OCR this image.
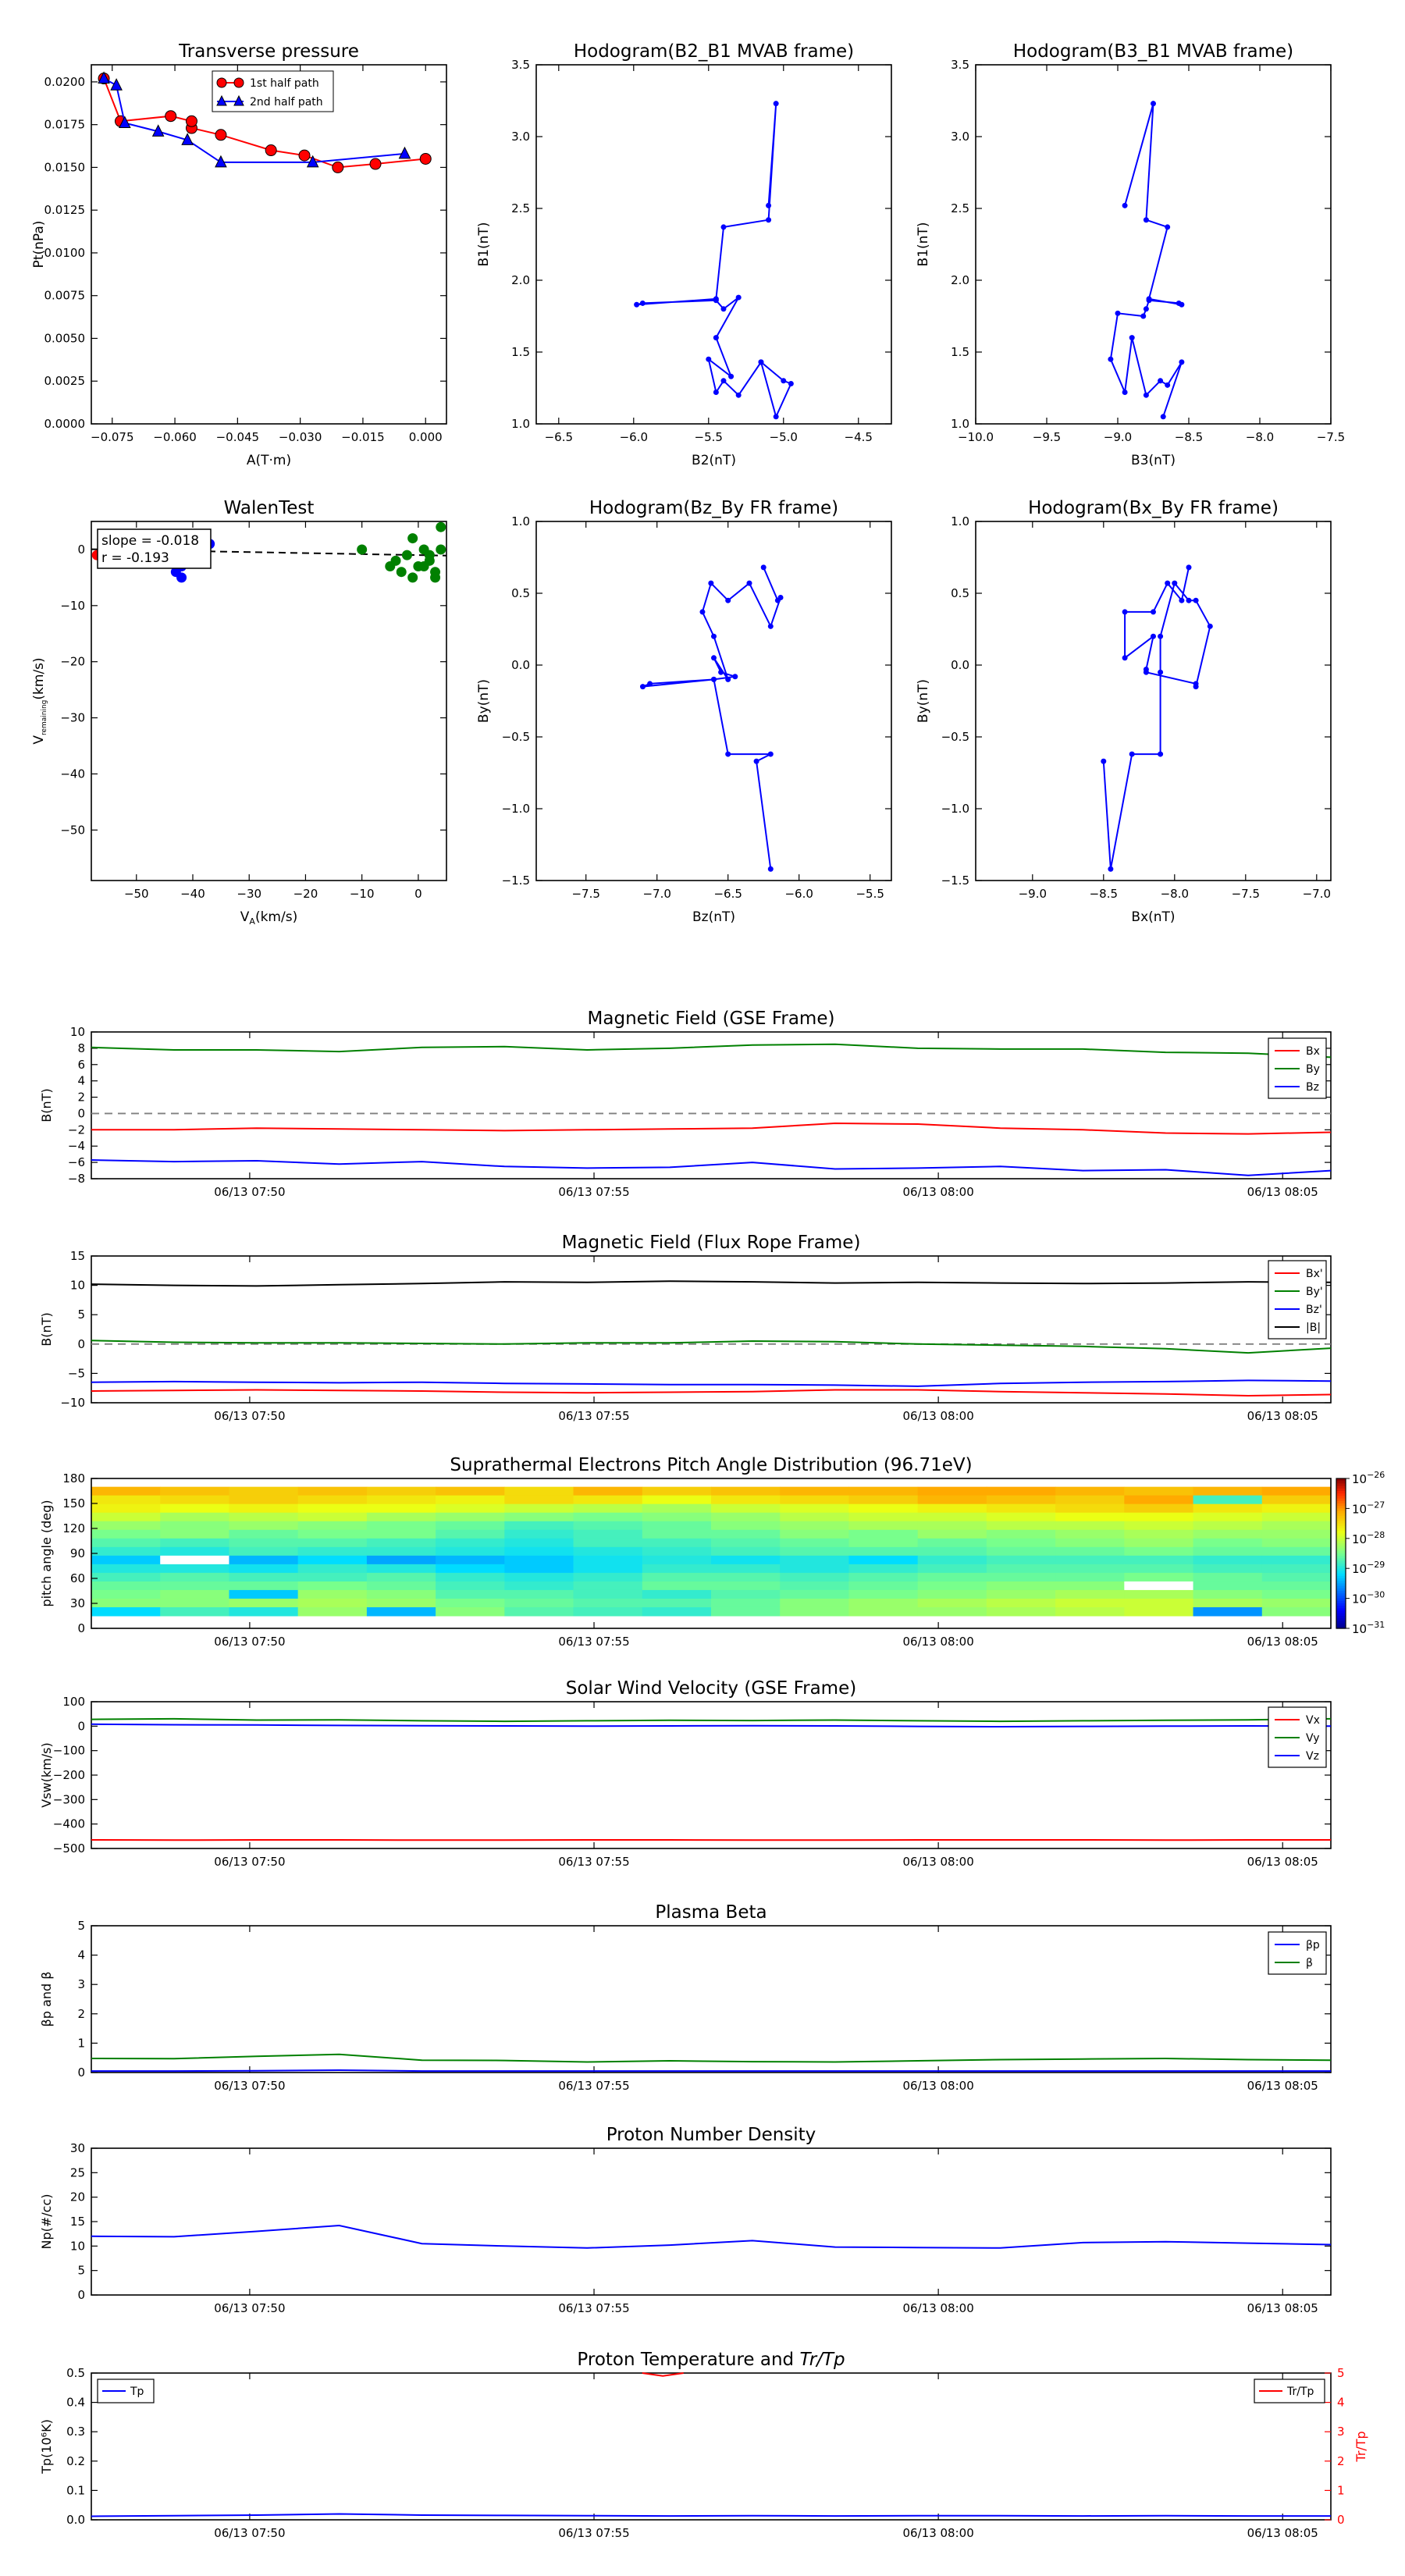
Transverse pressure
−0.075 −0.060 −0.045 −0.030 −0.015 0.000
0.0000
0.0025
0.0050
0.0075
0.0100
0.0125
0.0150
0.0175
0.0200
A(T·m)
Pt(nPa)
1st half path
2nd half path
Hodogram(B2_B1 MVAB frame)
−6.5	−6.0	−5.5	−5.0	−4.5
1.0
1.5
2.0
2.5
3.0
3.5
B2(nT)
B1(nT)
Hodogram(B3_B1 MVAB frame)
−10.0	−9.5	−9.0	−8.5	−8.0	−7.5
1.0
1.5
2.0
2.5
3.0
3.5
B3(nT)
B1(nT)
Hodogram(Bz_By FR frame)
−7.5	−7.0	−6.5	−6.0	−5.5
−1.5
−1.0
−0.5
0.0
0.5
1.0
Bz(nT)
By(nT)
Hodogram(Bx_By FR frame)
−9.0	−8.5	−8.0	−7.5	−7.0
−1.5
−1.0
−0.5
0.0
0.5
1.0
Bx(nT)
By(nT)
WalenTest
−50	−40	−30	−20	−10	0
0
−10
−20
−30
−40
−50
$V_A(km/s)$
$V_{remaining}(km/s)$
slope = -0.018
r = -0.193
Magnetic Field (GSE Frame)
06/13 07:50	06/13 07:55	06/13 08:00	06/13 08:05
−8
−6
−4
−2
0
2
4
6
8
10
B(nT)
Bx
By
Bz
Magnetic Field (Flux Rope Frame)
06/13 07:50	06/13 07:55	06/13 08:00	06/13 08:05
−10
−5
0
5
10
15
B(nT)
Bx'
By'
Bz'
|B|
Suprathermal Electrons Pitch Angle Distribution (96.71eV)
06/13 07:50	06/13 07:55	06/13 08:00	06/13 08:05
0
30
60
90
120
150
180
pitch angle (deg)
$10^{-26}$
$10^{-27}$
$10^{-28}$
$10^{-29}$
$10^{-30}$
$10^{-31}$
Solar Wind Velocity (GSE Frame)
06/13 07:50	06/13 07:55	06/13 08:00	06/13 08:05
−500
−400
−300
−200
−100
0
100
Vsw(km/s)
Vx
Vy
Vz
Plasma Beta
06/13 07:50	06/13 07:55	06/13 08:00	06/13 08:05
0
1
2
3
4
5
βp and β
βp
β
Proton Number Density
06/13 07:50	06/13 07:55	06/13 08:00	06/13 08:05
0
5
10
15
20
25
30
Np(#/cc)
Proton Temperature and Tr/Tp
06/13 07:50	06/13 07:55	06/13 08:00	06/13 08:05
0.0
0.1
0.2
0.3
0.4
0.5
Tp(10⁶K)
0
1
2
3
4
5
Tr/Tp
Tp	Tr/Tp
